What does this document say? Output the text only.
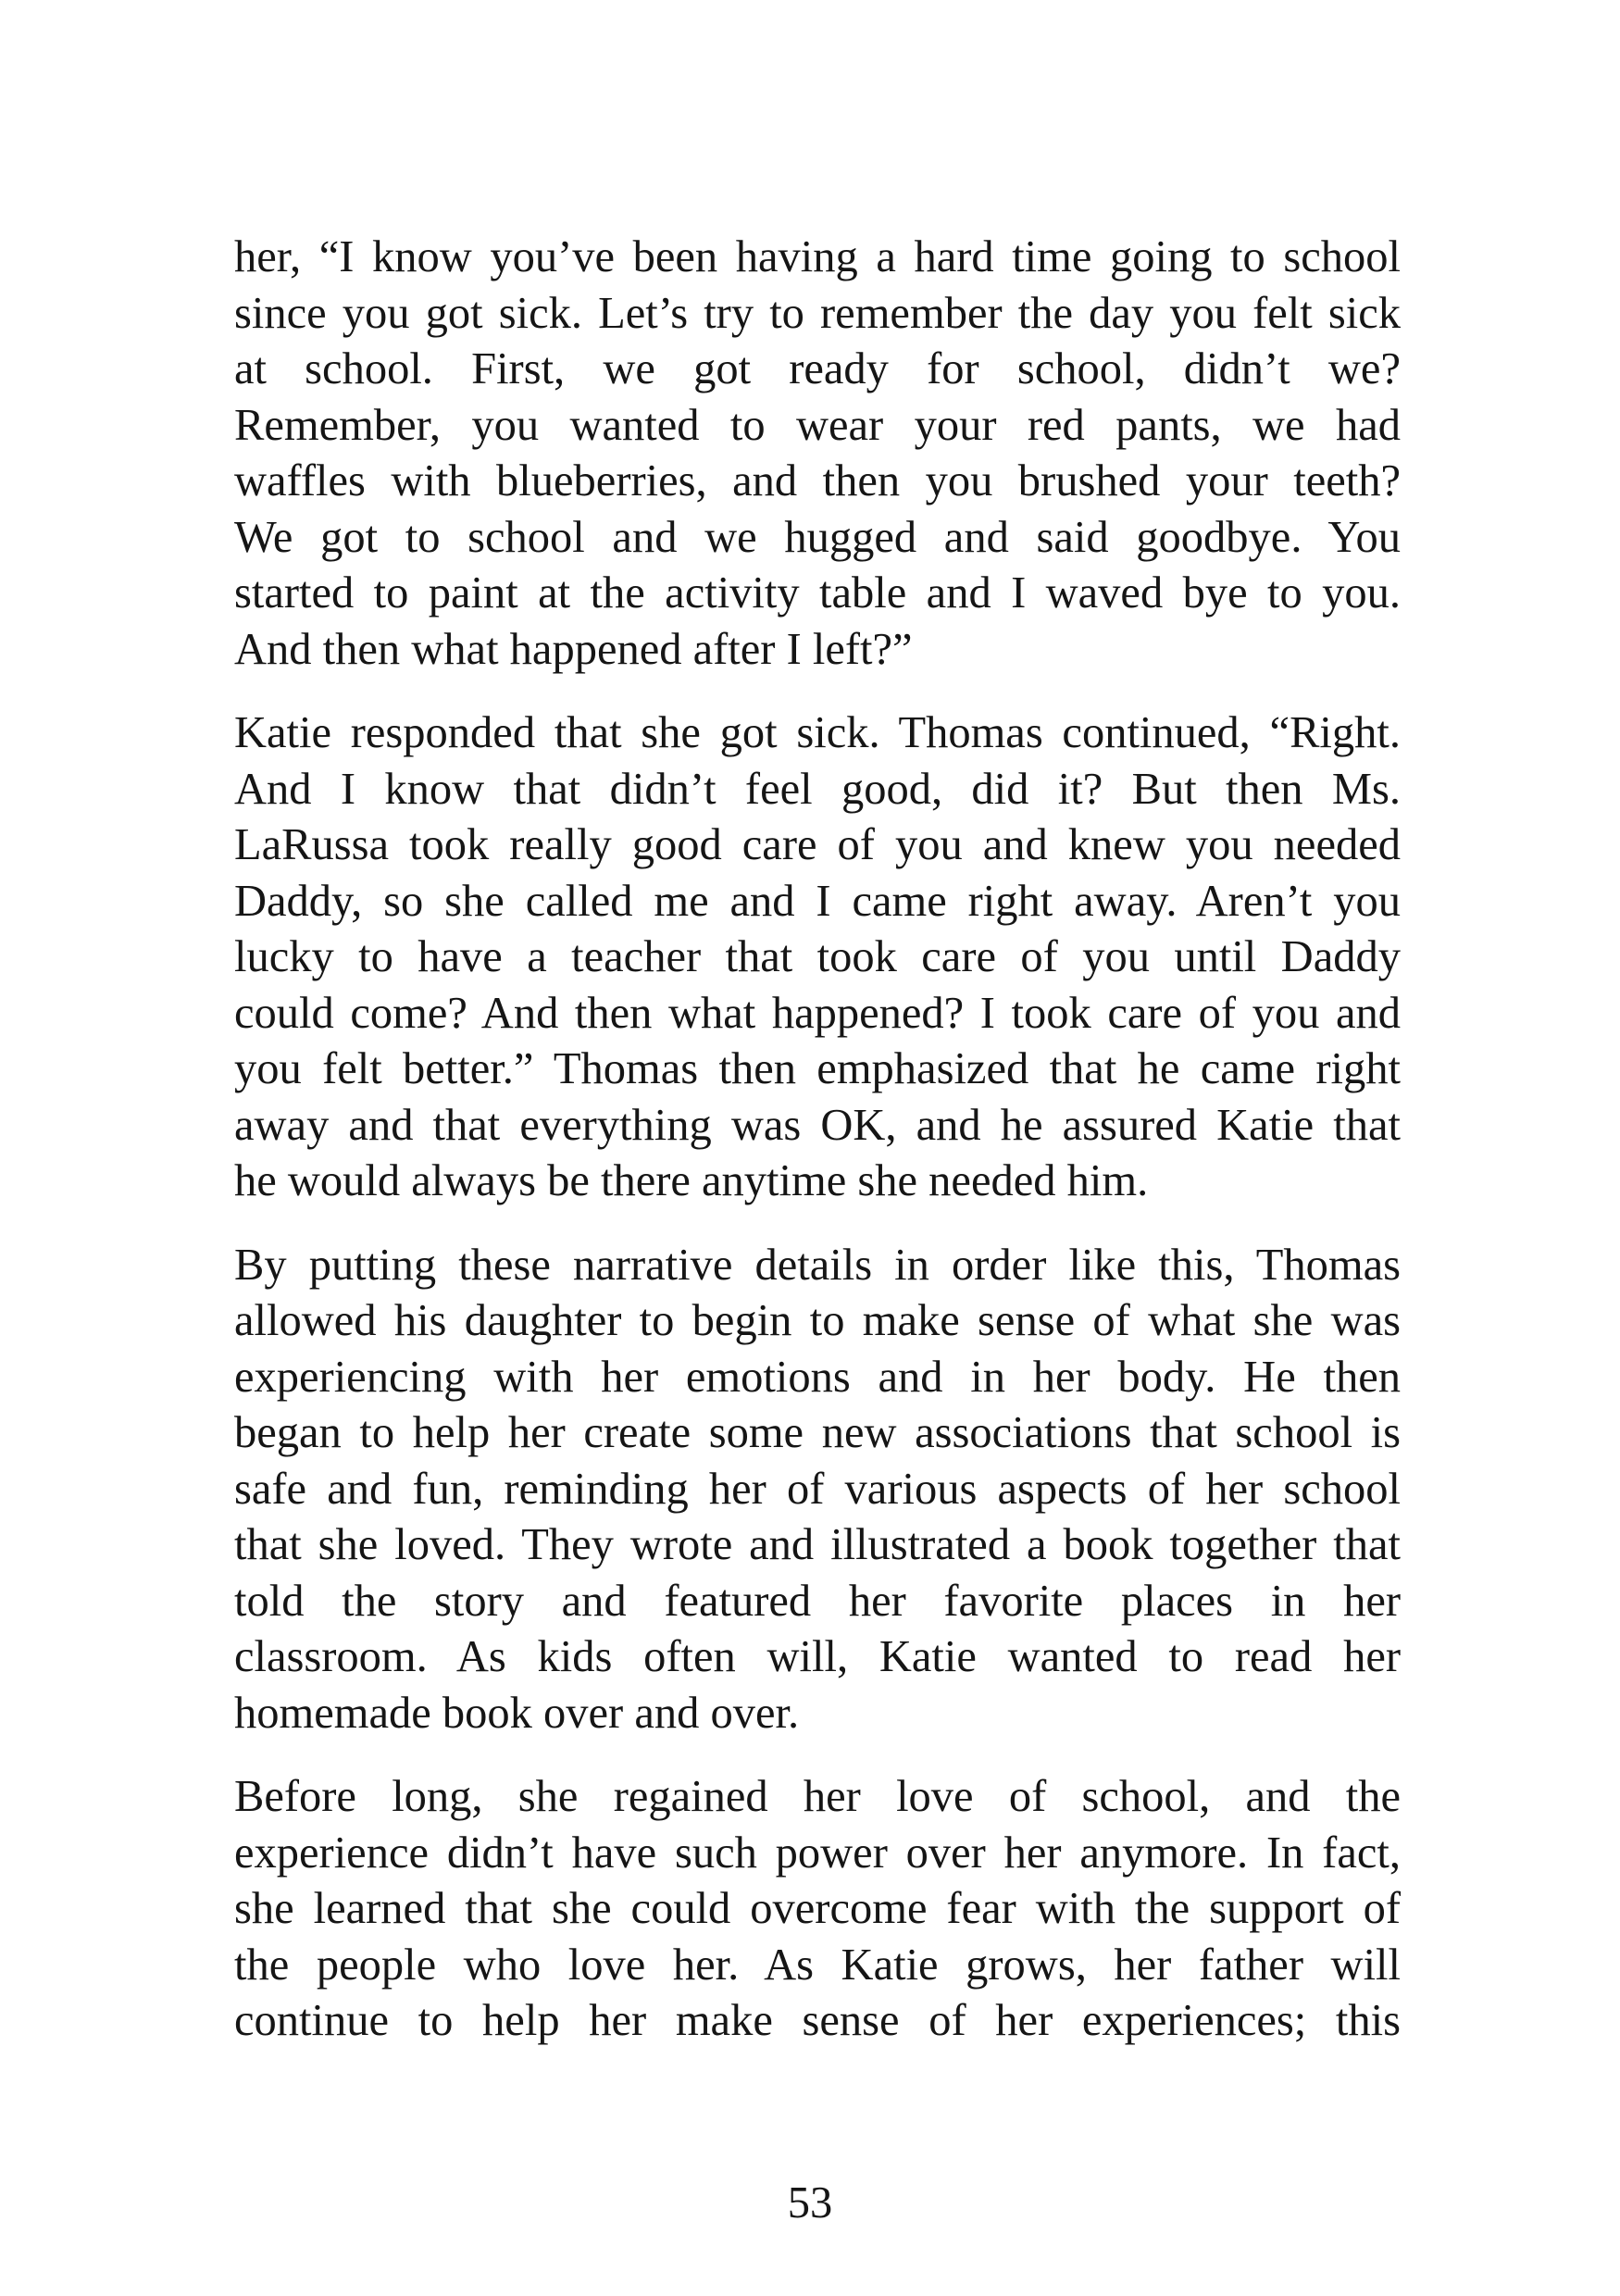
her, “I know you’ve been having a hard time going to school
since you got sick. Let’s try to remember the day you felt sick
at school. First, we got ready for school, didn’t we?
Remember, you wanted to wear your red pants, we had
waffles with blueberries, and then you brushed your teeth?
We got to school and we hugged and said goodbye. You
started to paint at the activity table and I waved bye to you.
And then what happened after I left?”

Katie responded that she got sick. Thomas continued, “Right.
And I know that didn’t feel good, did it? But then Ms.
LaRussa took really good care of you and knew you needed
Daddy, so she called me and I came right away. Aren’t you
lucky to have a teacher that took care of you until Daddy
could come? And then what happened? I took care of you and
you felt better.” Thomas then emphasized that he came right
away and that everything was OK, and he assured Katie that
he would always be there anytime she needed him.

By putting these narrative details in order like this, Thomas
allowed his daughter to begin to make sense of what she was
experiencing with her emotions and in her body. He then
began to help her create some new associations that school is
safe and fun, reminding her of various aspects of her school
that she loved. They wrote and illustrated a book together that
told the story and featured her favorite places in her
classroom. As kids often will, Katie wanted to read her
homemade book over and over.

Before long, she regained her love of school, and the
experience didn’t have such power over her anymore. In fact,
she learned that she could overcome fear with the support of
the people who love her. As Katie grows, her father will
continue to help her make sense of her experiences; this

53
